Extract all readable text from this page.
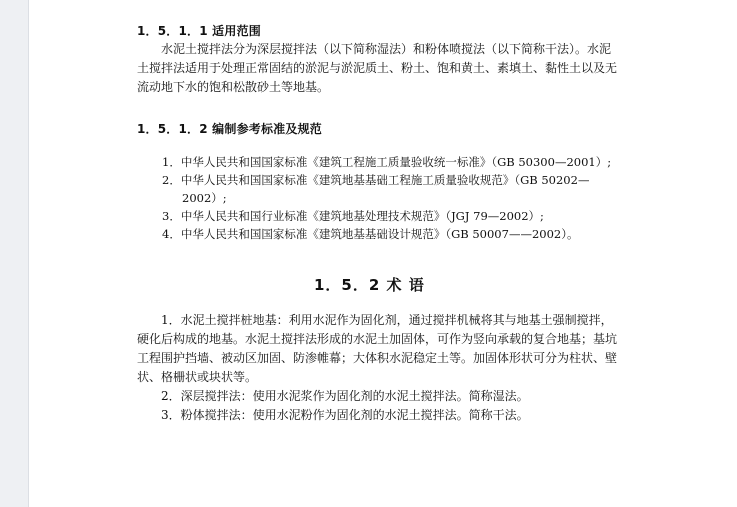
1．5．1．1 适用范围
水泥土搅拌法分为深层搅拌法（以下简称湿法）和粉体喷搅法（以下简称干法）。水泥
土搅拌法适用于处理正常固结的淤泥与淤泥质土、粉土、饱和黄土、素填土、黏性土以及无
流动地下水的饱和松散砂土等地基。
1．5．1．2 编制参考标准及规范
1．中华人民共和国国家标准《建筑工程施工质量验收统一标准》（GB 50300—2001）;
2．中华人民共和国国家标准《建筑地基基础工程施工质量验收规范》（GB 50202—
2002）;
3．中华人民共和国行业标准《建筑地基处理技术规范》（JGJ 79—2002）;
4．中华人民共和国国家标准《建筑地基基础设计规范》（GB 50007——2002）。
1．5．2 术 语
1．水泥土搅拌桩地基：利用水泥作为固化剂，通过搅拌机械将其与地基土强制搅拌，
硬化后构成的地基。水泥土搅拌法形成的水泥土加固体，可作为竖向承载的复合地基；基坑
工程围护挡墙、被动区加固、防渗帷幕；大体积水泥稳定土等。加固体形状可分为柱状、壁
状、格栅状或块状等。
2．深层搅拌法：使用水泥浆作为固化剂的水泥土搅拌法。简称湿法。
3．粉体搅拌法：使用水泥粉作为固化剂的水泥土搅拌法。简称干法。
